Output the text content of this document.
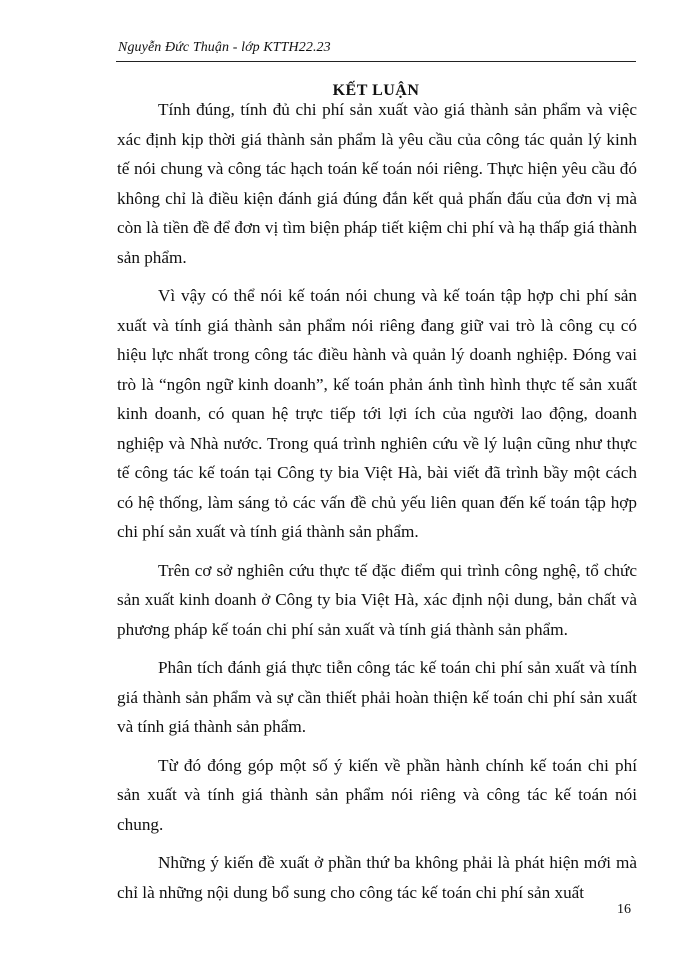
Nguyễn Đức Thuận - lớp KTTH22.23
KẾT LUẬN

Tính đúng, tính đủ chi phí sản xuất vào giá thành sản phẩm và việc xác định kịp thời giá thành sản phẩm là yêu cầu của công tác quản lý kinh tế nói chung và công tác hạch toán kế toán nói riêng. Thực hiện yêu cầu đó không chỉ là điều kiện đánh giá đúng đắn kết quả phấn đấu của đơn vị mà còn là tiền đề để đơn vị tìm biện pháp tiết kiệm chi phí và hạ thấp giá thành sản phẩm.

Vì vậy có thể nói kế toán nói chung và kế toán tập hợp chi phí sản xuất và tính giá thành sản phẩm nói riêng đang giữ vai trò là công cụ có hiệu lực nhất trong công tác điều hành và quản lý doanh nghiệp. Đóng vai trò là “ngôn ngữ kinh doanh”, kế toán phản ánh tình hình thực tế sản xuất kinh doanh, có quan hệ trực tiếp tới lợi ích của người lao động, doanh nghiệp và Nhà nước. Trong quá trình nghiên cứu về lý luận cũng như thực tế công tác kế toán tại Công ty bia Việt Hà, bài viết đã trình bầy một cách có hệ thống, làm sáng tỏ các vấn đề chủ yếu liên quan đến kế toán tập hợp chi phí sản xuất và tính giá thành sản phẩm.

Trên cơ sở nghiên cứu thực tế đặc điểm qui trình công nghệ, tổ chức sản xuất kinh doanh ở Công ty bia Việt Hà, xác định nội dung, bản chất và phương pháp kế toán chi phí sản xuất và tính giá thành sản phẩm.

Phân tích đánh giá thực tiễn công tác kế toán chi phí sản xuất và tính giá thành sản phẩm và sự cần thiết phải hoàn thiện kế toán chi phí sản xuất và tính giá thành sản phẩm.

Từ đó đóng góp một số ý kiến về phần hành chính kế toán chi phí sản xuất và tính giá thành sản phẩm nói riêng và công tác kế toán nói chung.

Những ý kiến đề xuất ở phần thứ ba không phải là phát hiện mới mà chỉ là những nội dung bổ sung cho công tác kế toán chi phí sản xuất

16
